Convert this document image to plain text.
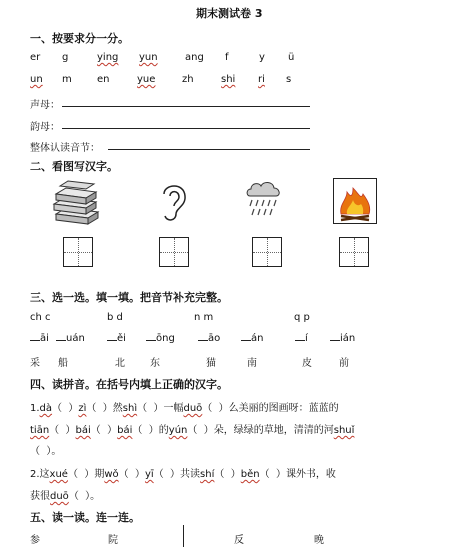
期末测试卷 3
一、按要求分一分。
er g	ying yun	ang f	y ü
un m	en	yue	zh	shi ri s
声母：
韵母：
整体认读音节：
二、看图写汉字。
三、选一选。填一填。把音节补充完整。
ch c	b d	n m	q p
āi	uán	ěi	ōng	āo	án	í	ián
采 船	北	东	猫	南	皮	前
四、读拼音。在括号内填上正确的汉字。
1.dà（ ）zì（ ）然shì（ ）一幅duō（ ）么美丽的图画呀：蓝蓝的
tiān（ ）bái（ ）bái（ ）的yún（ ）朵，绿绿的草地，清清的河shuǐ
（ ）。
2.这xué（ ）期wǒ（ ）yī（ ）共读shí（ ）běn（ ）课外书，收
获很duō（ ）。
五、读一读。连一连。
参	院	反	晚
